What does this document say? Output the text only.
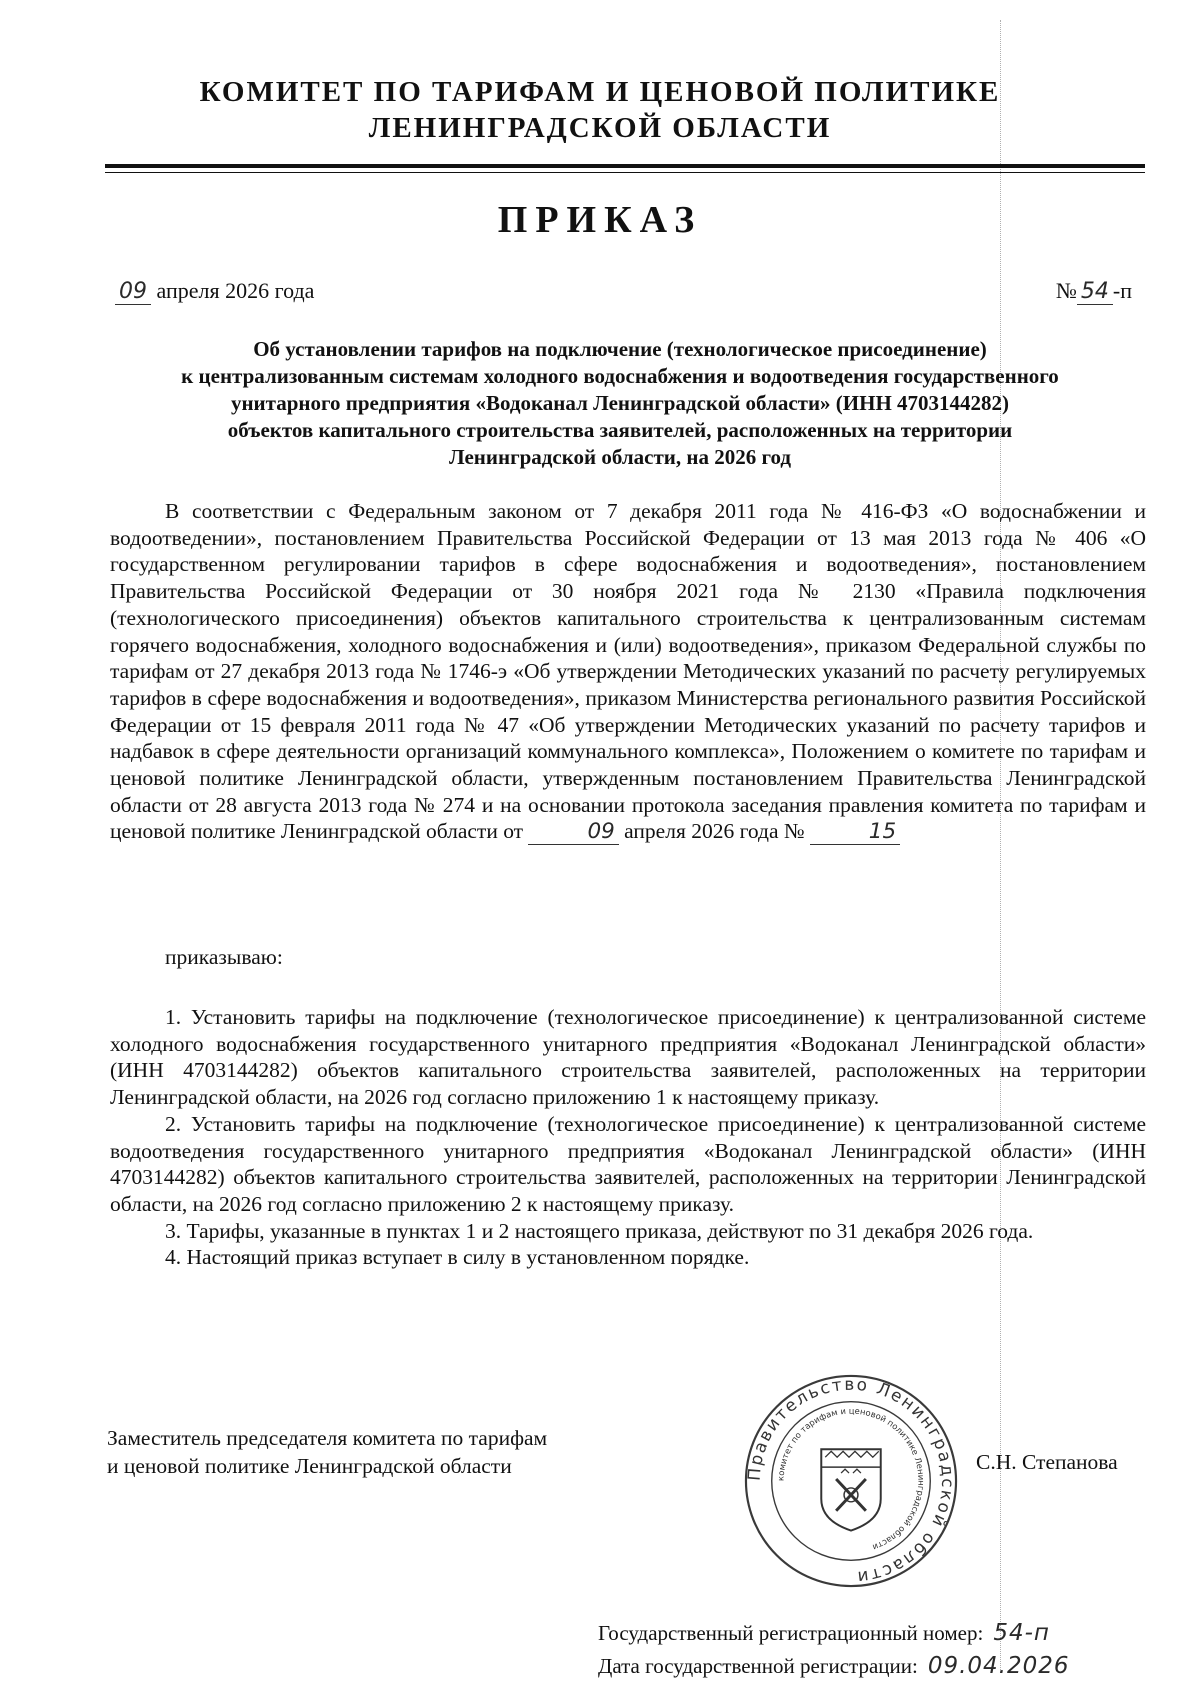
КОМИТЕТ ПО ТАРИФАМ И ЦЕНОВОЙ ПОЛИТИКЕ
ЛЕНИНГРАДСКОЙ ОБЛАСТИ
ПРИКАЗ
09 апреля 2026 года	№ 54 -п
Об установлении тарифов на подключение (технологическое присоединение)
к централизованным системам холодного водоснабжения и водоотведения государственного
унитарного предприятия «Водоканал Ленинградской области» (ИНН 4703144282)
объектов капитального строительства заявителей, расположенных на территории
Ленинградской области, на 2026 год
В соответствии с Федеральным законом от 7 декабря 2011 года № 416-ФЗ «О водоснабжении и водоотведении», постановлением Правительства Российской Федерации от 13 мая 2013 года № 406 «О государственном регулировании тарифов в сфере водоснабжения и водоотведения», постановлением Правительства Российской Федерации от 30 ноября 2021 года № 2130 «Правила подключения (технологического присоединения) объектов капитального строительства к централизованным системам горячего водоснабжения, холодного водоснабжения и (или) водоотведения», приказом Федеральной службы по тарифам от 27 декабря 2013 года № 1746-э «Об утверждении Методических указаний по расчету регулируемых тарифов в сфере водоснабжения и водоотведения», приказом Министерства регионального развития Российской Федерации от 15 февраля 2011 года № 47 «Об утверждении Методических указаний по расчету тарифов и надбавок в сфере деятельности организаций коммунального комплекса», Положением о комитете по тарифам и ценовой политике Ленинградской области, утвержденным постановлением Правительства Ленинградской области от 28 августа 2013 года № 274 и на основании протокола заседания правления комитета по тарифам и ценовой политике Ленинградской области от	09 апреля 2026 года №	15
приказываю:
1. Установить тарифы на подключение (технологическое присоединение) к централизованной системе холодного водоснабжения государственного унитарного предприятия «Водоканал Ленинградской области» (ИНН 4703144282) объектов капитального строительства заявителей, расположенных на территории Ленинградской области, на 2026 год согласно приложению 1 к настоящему приказу.
2. Установить тарифы на подключение (технологическое присоединение) к централизованной системе водоотведения государственного унитарного предприятия «Водоканал Ленинградской области» (ИНН 4703144282) объектов капитального строительства заявителей, расположенных на территории Ленинградской области, на 2026 год согласно приложению 2 к настоящему приказу.
3. Тарифы, указанные в пунктах 1 и 2 настоящего приказа, действуют по 31 декабря 2026 года.
4. Настоящий приказ вступает в силу в установленном порядке.
Заместитель председателя комитета по тарифам
и ценовой политике Ленинградской области	Правительство Ленинградской области
комитет по тарифам и ценовой политике Ленинградской области
С.Н. Степанова
Государственный регистрационный номер: 54-п
Дата государственной регистрации: 09.04.2026
